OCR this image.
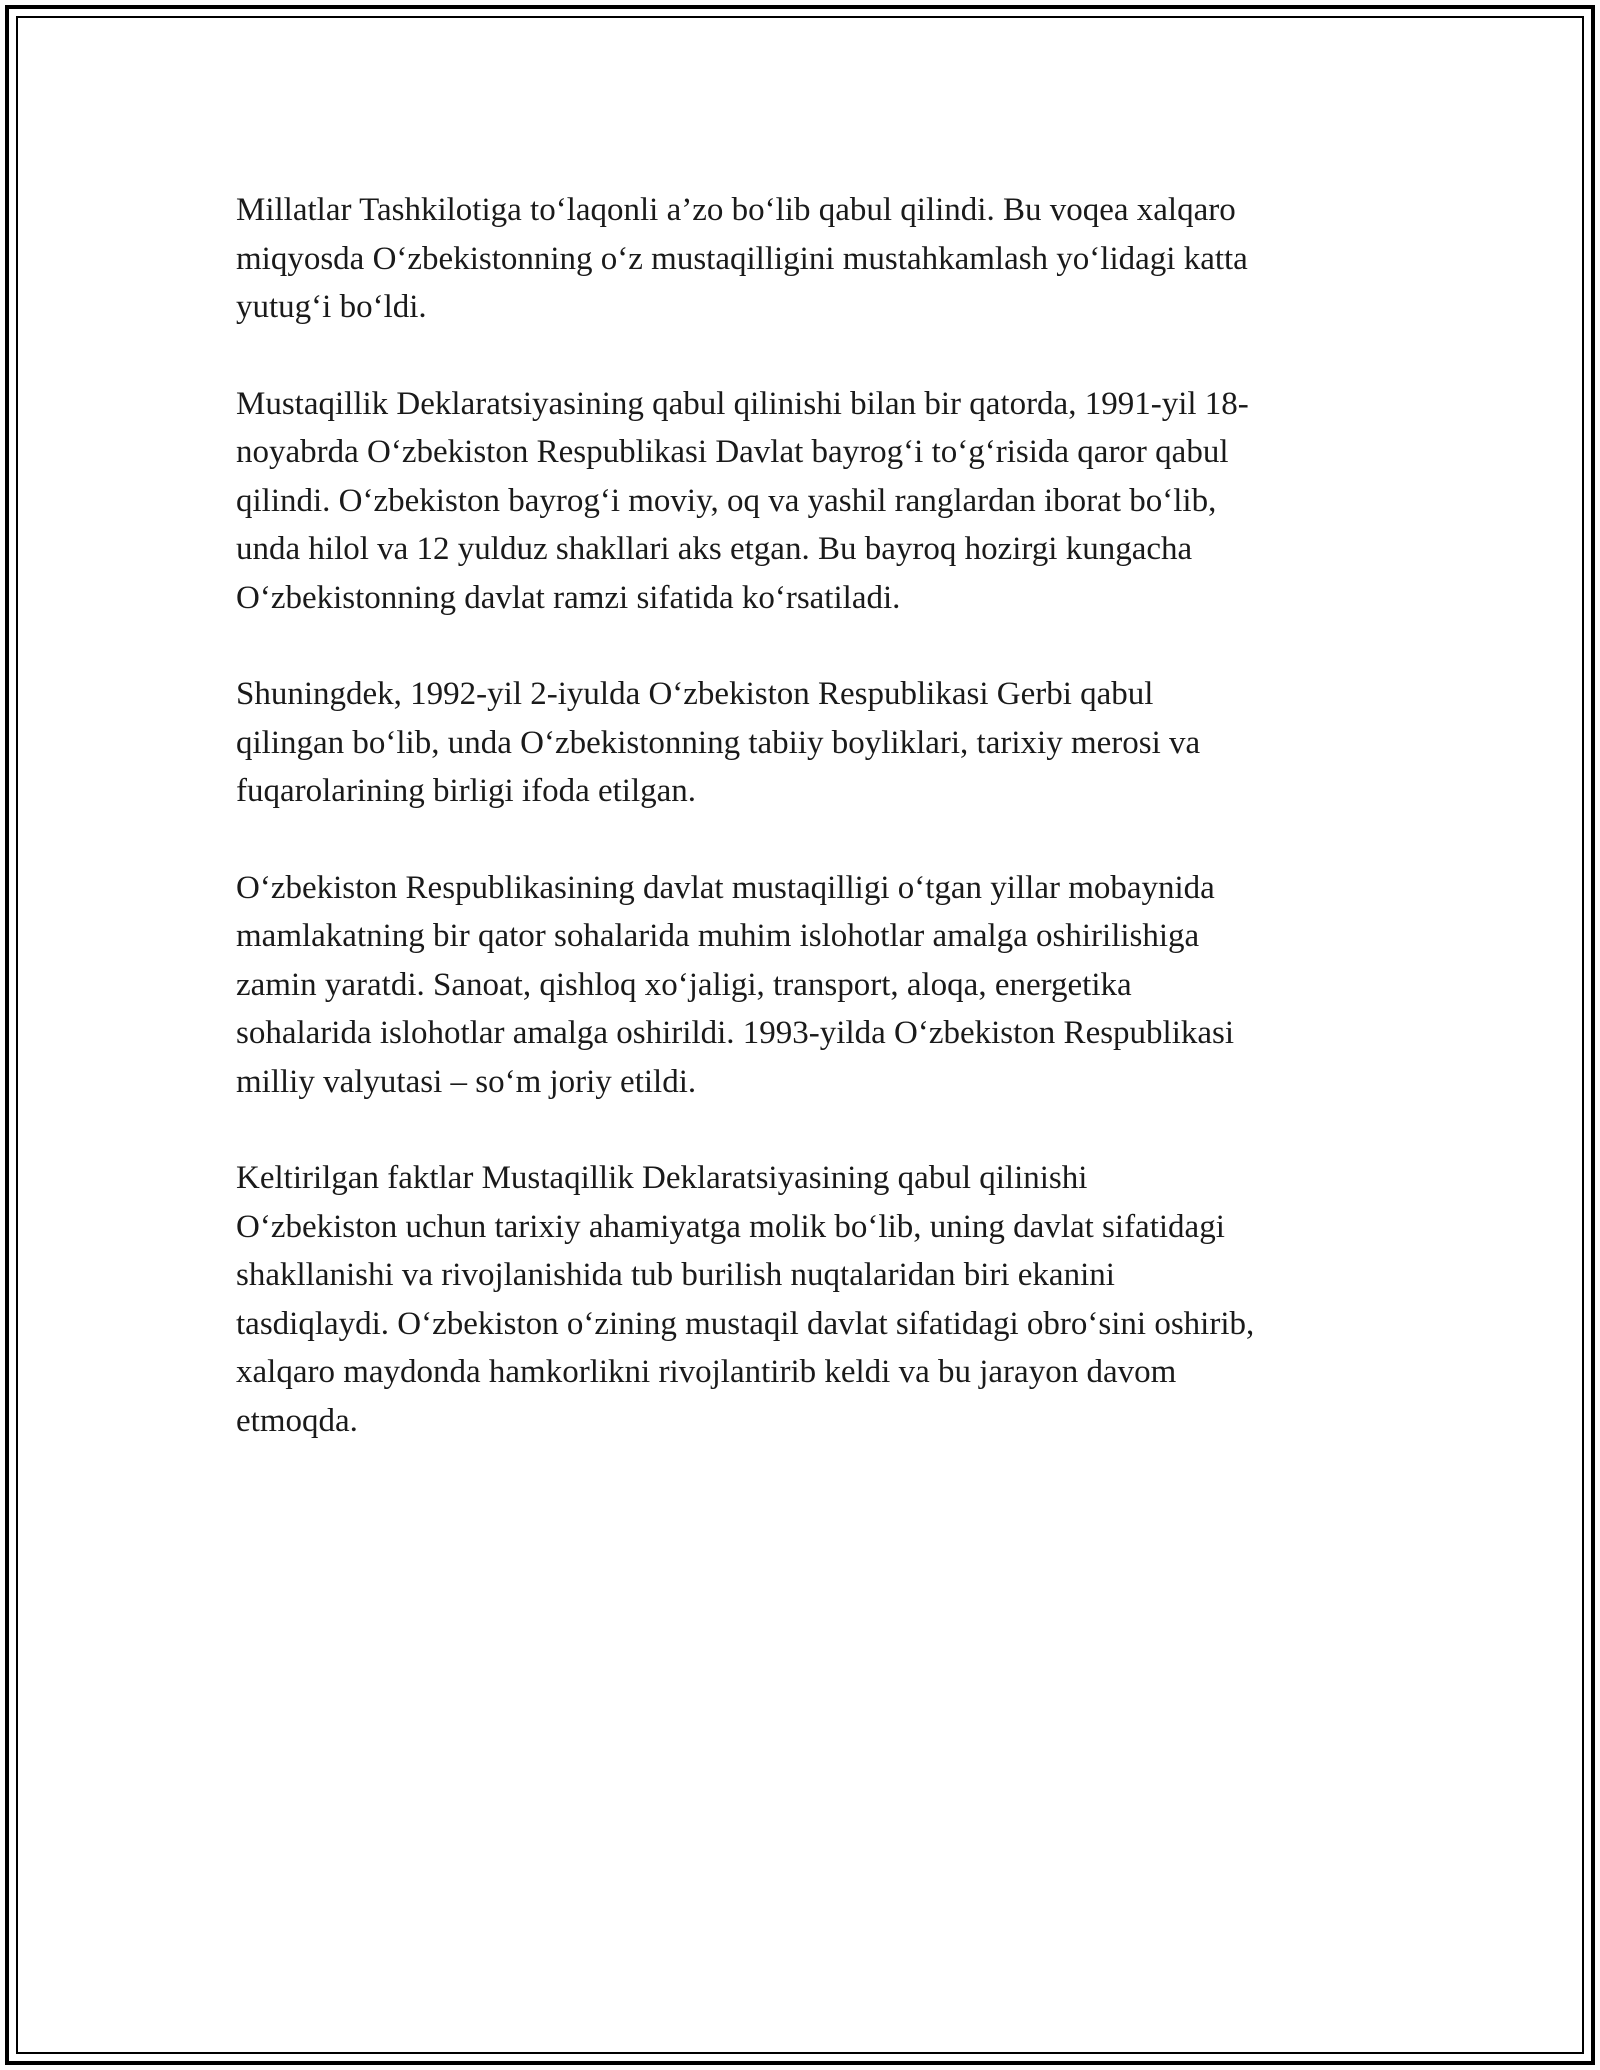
Millatlar Tashkilotiga to‘laqonli a’zo bo‘lib qabul qilindi. Bu voqea xalqaro
miqyosda O‘zbekistonning o‘z mustaqilligini mustahkamlash yo‘lidagi katta
yutug‘i bo‘ldi.

Mustaqillik Deklaratsiyasining qabul qilinishi bilan bir qatorda, 1991-yil 18-
noyabrda O‘zbekiston Respublikasi Davlat bayrog‘i to‘g‘risida qaror qabul
qilindi. O‘zbekiston bayrog‘i moviy, oq va yashil ranglardan iborat bo‘lib,
unda hilol va 12 yulduz shakllari aks etgan. Bu bayroq hozirgi kungacha
O‘zbekistonning davlat ramzi sifatida ko‘rsatiladi.

Shuningdek, 1992-yil 2-iyulda O‘zbekiston Respublikasi Gerbi qabul
qilingan bo‘lib, unda O‘zbekistonning tabiiy boyliklari, tarixiy merosi va
fuqarolarining birligi ifoda etilgan.

O‘zbekiston Respublikasining davlat mustaqilligi o‘tgan yillar mobaynida
mamlakatning bir qator sohalarida muhim islohotlar amalga oshirilishiga
zamin yaratdi. Sanoat, qishloq xo‘jaligi, transport, aloqa, energetika
sohalarida islohotlar amalga oshirildi. 1993-yilda O‘zbekiston Respublikasi
milliy valyutasi – so‘m joriy etildi.

Keltirilgan faktlar Mustaqillik Deklaratsiyasining qabul qilinishi
O‘zbekiston uchun tarixiy ahamiyatga molik bo‘lib, uning davlat sifatidagi
shakllanishi va rivojlanishida tub burilish nuqtalaridan biri ekanini
tasdiqlaydi. O‘zbekiston o‘zining mustaqil davlat sifatidagi obro‘sini oshirib,
xalqaro maydonda hamkorlikni rivojlantirib keldi va bu jarayon davom
etmoqda.
